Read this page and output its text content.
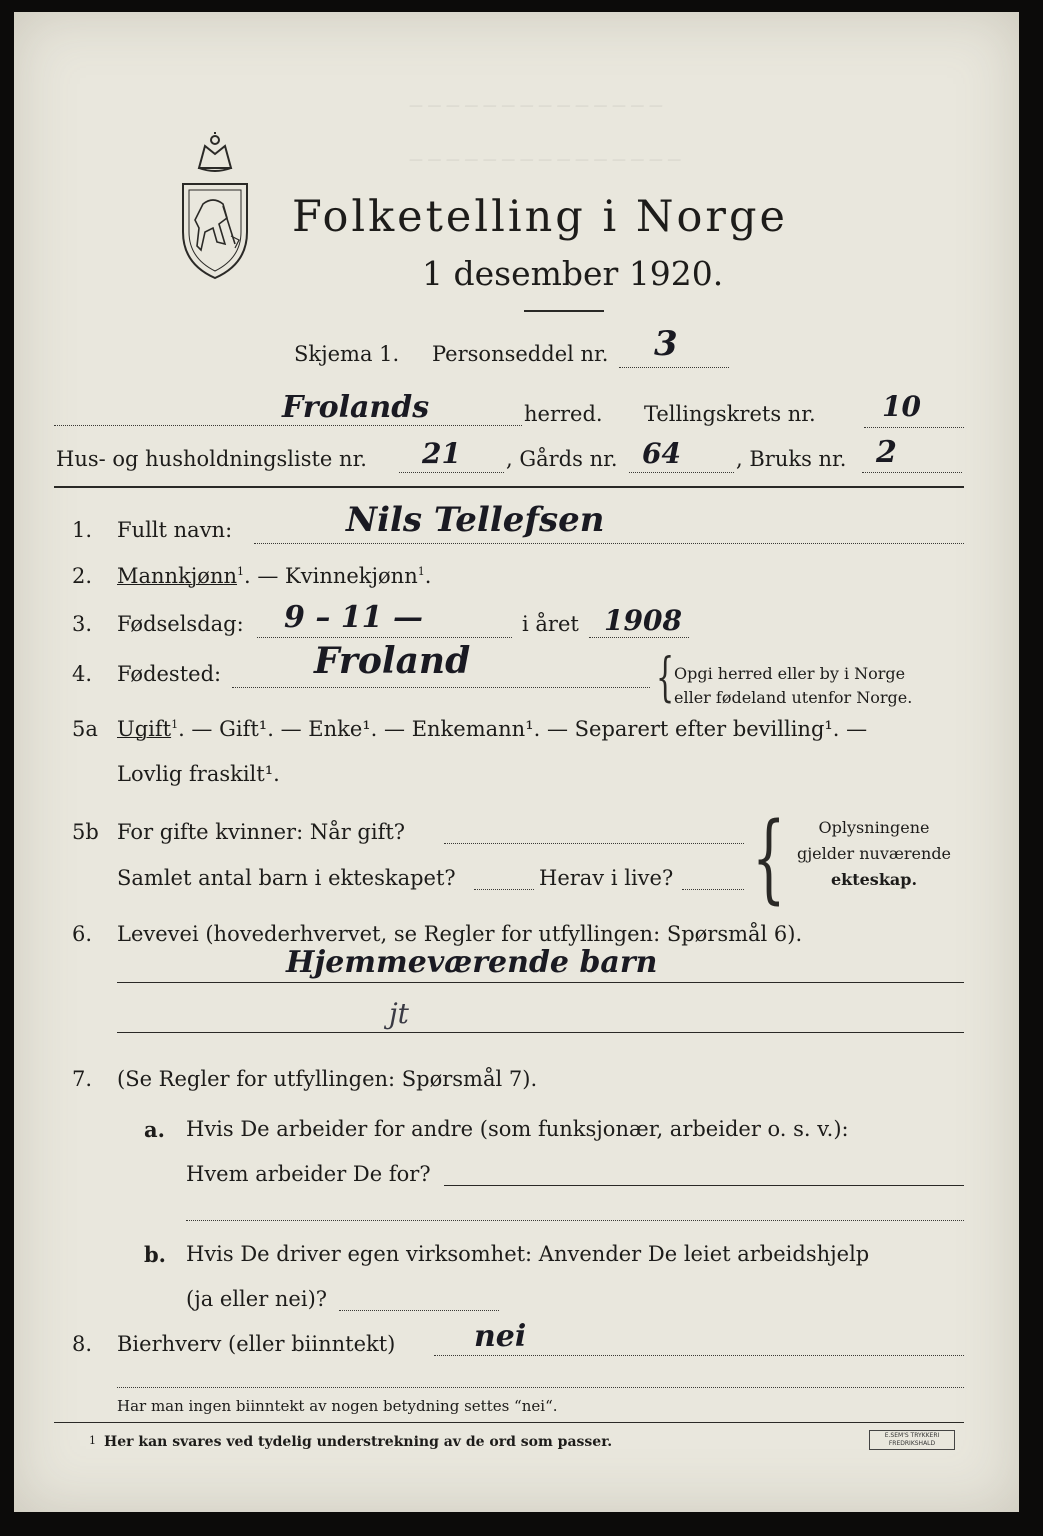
— — — — — — — — — — — — — —
— — — — — — — — — — — — — — —
Folketelling i Norge
1 desember 1920.
Skjema 1. Personseddel nr. 3
Frolands	herred. Tellingskrets nr. 10
Hus- og husholdningsliste nr. 21 , Gårds nr. 64	, Bruks nr. 2
1. Fullt navn:	Nils Tellefsen
2. Mannkjønn$^1$. — Kvinnekjønn$^1$.
3. Fødselsdag: 9 – 11 —	i året 1908
4. Fødested:	Froland	{ Opgi herred eller by i Norge
eller fødeland utenfor Norge.
5a Ugift$^1$. — Gift¹. — Enke¹. — Enkemann¹. — Separert efter bevilling¹. —
Lovlig fraskilt¹.
5b For gifte kvinner: Når gift?
Samlet antal barn i ekteskapet?	Herav i live? {	Oplysningene
gjelder nuværende
ekteskap.
6. Levevei (hovederhvervet, se Regler for utfyllingen: Spørsmål 6).
Hjemmeværende barn
jt
7. (Se Regler for utfyllingen: Spørsmål 7).
a. Hvis De arbeider for andre (som funksjonær, arbeider o. s. v.):
Hvem arbeider De for?
b. Hvis De driver egen virksomhet: Anvender De leiet arbeidshjelp
(ja eller nei)?
8. Bierhverv (eller biinntekt)	nei
Har man ingen biinntekt av nogen betydning settes “nei“.
1 Her kan svares ved tydelig understrekning av de ord som passer.	E.SEM'S TRYKKERI
FREDRIKSHALD
